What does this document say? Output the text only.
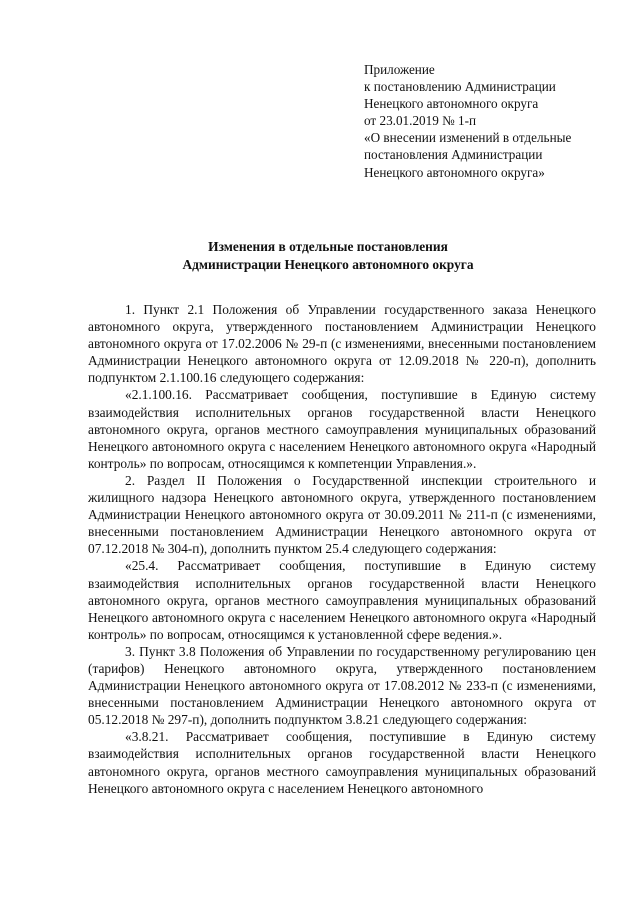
Приложение
к постановлению Администрации
Ненецкого автономного округа
от 23.01.2019 № 1-п
«О внесении изменений в отдельные
постановления Администрации
Ненецкого автономного округа»
Изменения в отдельные постановления
Администрации Ненецкого автономного округа

1. Пункт 2.1 Положения об Управлении государственного заказа Ненецкого автономного округа, утвержденного постановлением Администрации Ненецкого автономного округа от 17.02.2006 № 29-п (с изменениями, внесенными постановлением Администрации Ненецкого автономного округа от 12.09.2018 № 220-п), дополнить подпунктом 2.1.100.16 следующего содержания:

«2.1.100.16. Рассматривает сообщения, поступившие в Единую систему взаимодействия исполнительных органов государственной власти Ненецкого автономного округа, органов местного самоуправления муниципальных образований Ненецкого автономного округа с населением Ненецкого автономного округа «Народный контроль» по вопросам, относящимся к компетенции Управления.».

2. Раздел II Положения о Государственной инспекции строительного и жилищного надзора Ненецкого автономного округа, утвержденного постановлением Администрации Ненецкого автономного округа от 30.09.2011 № 211-п (с изменениями, внесенными постановлением Администрации Ненецкого автономного округа от 07.12.2018 № 304-п), дополнить пунктом 25.4 следующего содержания:

«25.4. Рассматривает сообщения, поступившие в Единую систему взаимодействия исполнительных органов государственной власти Ненецкого автономного округа, органов местного самоуправления муниципальных образований Ненецкого автономного округа с населением Ненецкого автономного округа «Народный контроль» по вопросам, относящимся к установленной сфере ведения.».

3. Пункт 3.8 Положения об Управлении по государственному регулированию цен (тарифов) Ненецкого автономного округа, утвержденного постановлением Администрации Ненецкого автономного округа от 17.08.2012 № 233-п (с изменениями, внесенными постановлением Администрации Ненецкого автономного округа от 05.12.2018 № 297-п), дополнить подпунктом 3.8.21 следующего содержания:

«3.8.21. Рассматривает сообщения, поступившие в Единую систему взаимодействия исполнительных органов государственной власти Ненецкого автономного округа, органов местного самоуправления муниципальных образований Ненецкого автономного округа с населением Ненецкого автономного
